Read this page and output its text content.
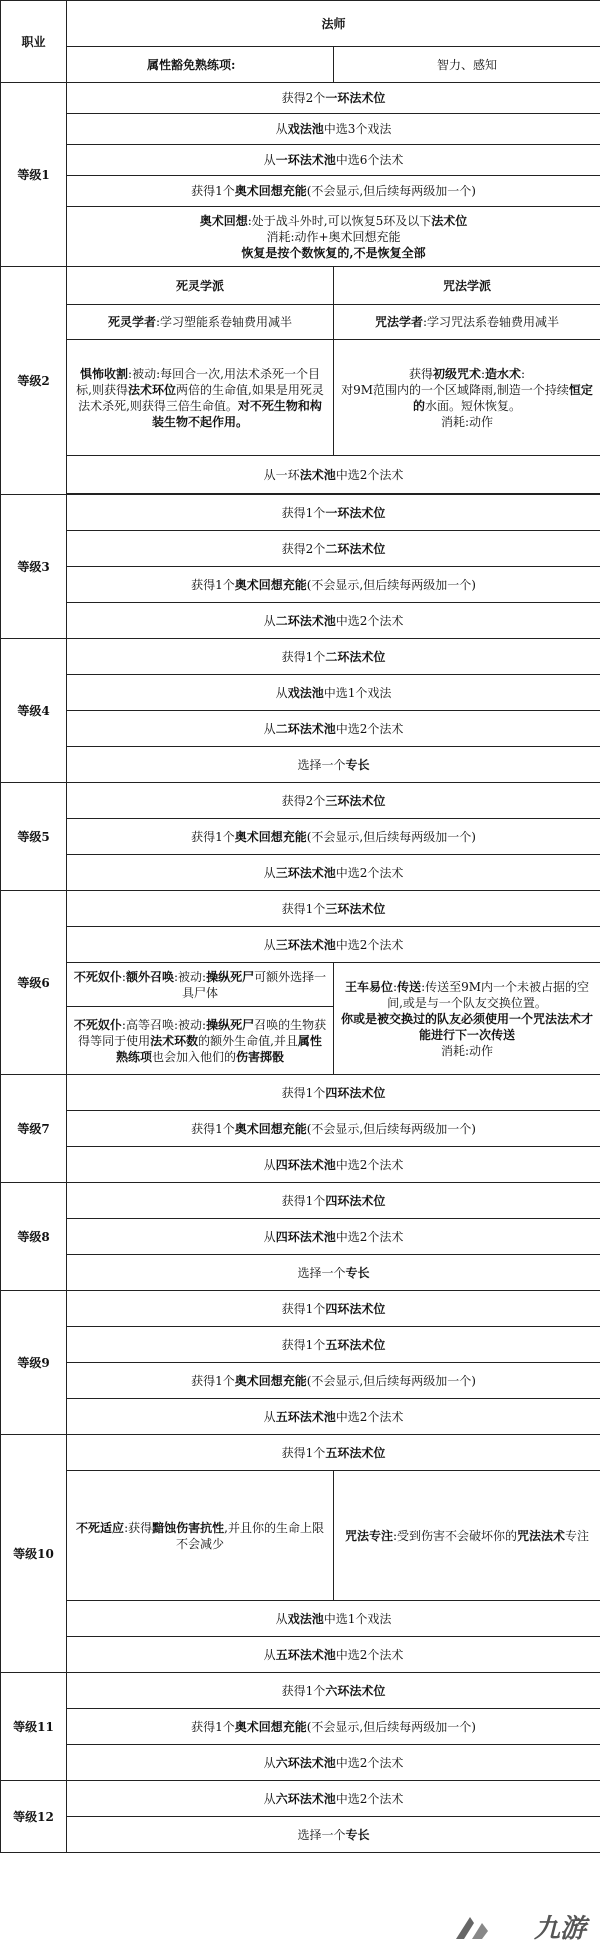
职业	法师	
	属性豁免熟练项:	智力、感知
等级1	获得2个一环法术位	
	从戏法池中选3个戏法	
	从一环法术池中选6个法术	
	获得1个奥术回想充能(不会显示,但后续每两级加一个)	

	奥术回想:处于战斗外时,可以恢复5环及以下法术位
消耗:动作+奥术回想充能
恢复是按个数恢复的,不是恢复全部	

等级2	死灵学派	咒法学派
	死灵学者:学习塑能系卷轴费用减半	咒法学者:学习咒法系卷轴费用减半
	惧怖收割:被动:每回合一次,用法术杀死一个目标,则获得法术环位两倍的生命值,如果是用死灵法术杀死,则获得三倍生命值。对不死生物和构装生物不起作用。	获得初级咒术:造水术:
对9M范围内的一个区域降雨,制造一个持续恒定的水面。短休恢复。
消耗:动作

	从一环法术池中选2个法术	

等级3	获得1个一环法术位	
	获得2个二环法术位	
	获得1个奥术回想充能(不会显示,但后续每两级加一个)	
	从二环法术池中选2个法术	
等级4	获得1个二环法术位	
	从戏法池中选1个戏法	
	从二环法术池中选2个法术	
	选择一个专长	
等级5	获得2个三环法术位	
	获得1个奥术回想充能(不会显示,但后续每两级加一个)	
	从三环法术池中选2个法术	
等级6	获得1个三环法术位	
	从三环法术池中选2个法术	
	不死奴仆:额外召唤:被动:操纵死尸可额外选择一具尸体	王车易位:传送:传送至9M内一个未被占据的空间,或是与一个队友交换位置。
你或是被交换过的队友必须使用一个咒法法术才能进行下一次传送
消耗:动作

	不死奴仆:高等召唤:被动:操纵死尸召唤的生物获得等同于使用法术环数的额外生命值,并且属性熟练项也会加入他们的伤害掷骰	
等级7	获得1个四环法术位	
	获得1个奥术回想充能(不会显示,但后续每两级加一个)	
	从四环法术池中选2个法术	
等级8	获得1个四环法术位	
	从四环法术池中选2个法术	
	选择一个专长	
等级9	获得1个四环法术位	
	获得1个五环法术位	
	获得1个奥术回想充能(不会显示,但后续每两级加一个)	
	从五环法术池中选2个法术	
等级10	获得1个五环法术位	
	不死适应:获得黯蚀伤害抗性,并且你的生命上限不会减少	咒法专注:受到伤害不会破坏你的咒法法术专注
	从戏法池中选1个戏法	
	从五环法术池中选2个法术	
等级11	获得1个六环法术位	
	获得1个奥术回想充能(不会显示,但后续每两级加一个)	
	从六环法术池中选2个法术	
等级12	从六环法术池中选2个法术	
	选择一个专长	
九游
